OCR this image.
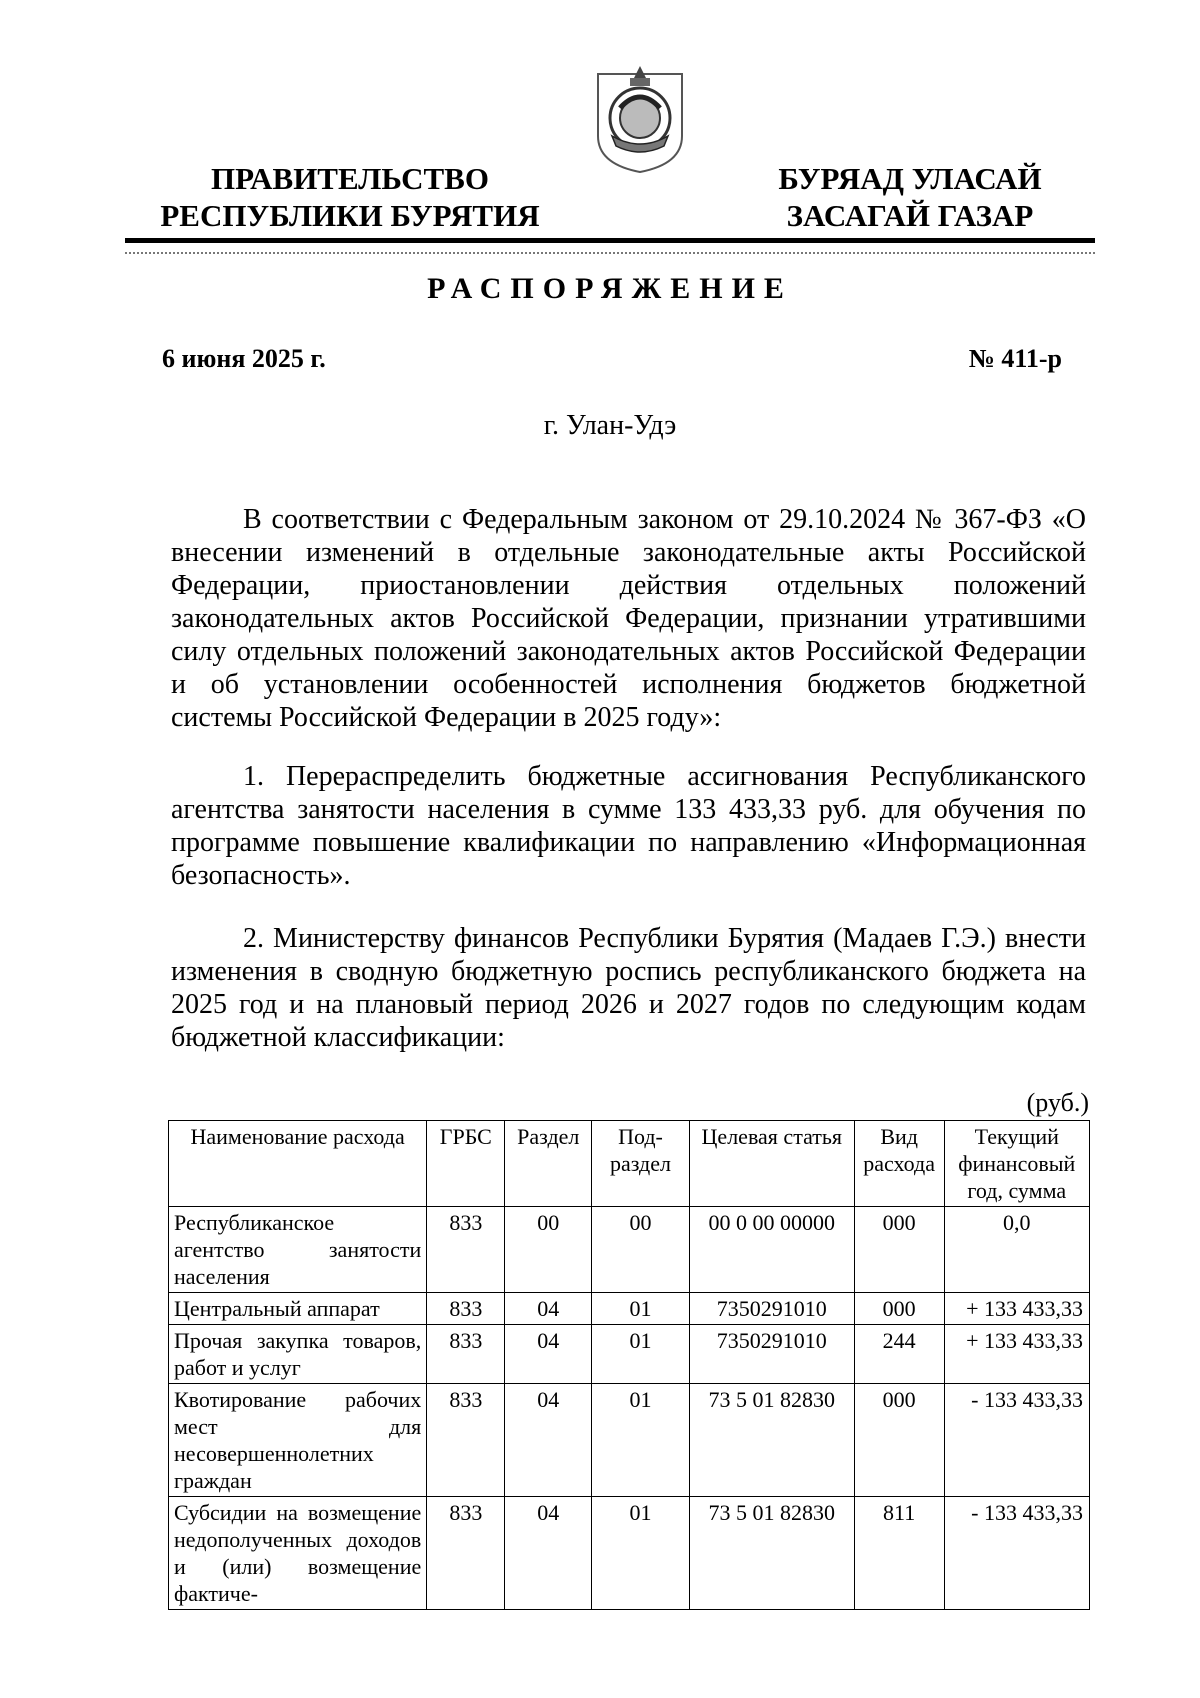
ПРАВИТЕЛЬСТВО
РЕСПУБЛИКИ БУРЯТИЯ
БУРЯАД УЛАСАЙ
ЗАСАГАЙ ГАЗАР
РАСПОРЯЖЕНИЕ
6 июня 2025 г.	№ 411-р
г. Улан-Удэ
В соответствии с Федеральным законом от 29.10.2024 № 367-ФЗ «О внесении изменений в отдельные законодательные акты Российской Федерации, приостановлении действия отдельных положений законодательных актов Российской Федерации, признании утратившими силу отдельных положений законодательных актов Российской Федерации и об установлении особенностей исполнения бюджетов бюджетной системы Российской Федерации в 2025 году»:
1. Перераспределить бюджетные ассигнования Республиканского агентства занятости населения в сумме 133 433,33 руб. для обучения по программе повышение квалификации по направлению «Информационная безопасность».
2. Министерству финансов Республики Бурятия (Мадаев Г.Э.) внести изменения в сводную бюджетную роспись республиканского бюджета на 2025 год и на плановый период 2026 и 2027 годов по следующим кодам бюджетной классификации:
(руб.)
Наименование расхода	ГРБС	Раздел	Под-раздел	Целевая статья	Вид расхода	Текущий финансовый год, сумма
Республиканское агентство занятости населения	833	00	00	00 0 00 00000	000	0,0
Центральный аппарат	833	04	01	7350291010	000	+ 133 433,33
Прочая закупка товаров, работ и услуг	833	04	01	7350291010	244	+ 133 433,33
Квотирование рабочих мест для несовершеннолетних граждан	833	04	01	73 5 01 82830	000	- 133 433,33
Субсидии на возмещение недополученных доходов и (или) возмещение фактиче-	833	04	01	73 5 01 82830	811	- 133 433,33
